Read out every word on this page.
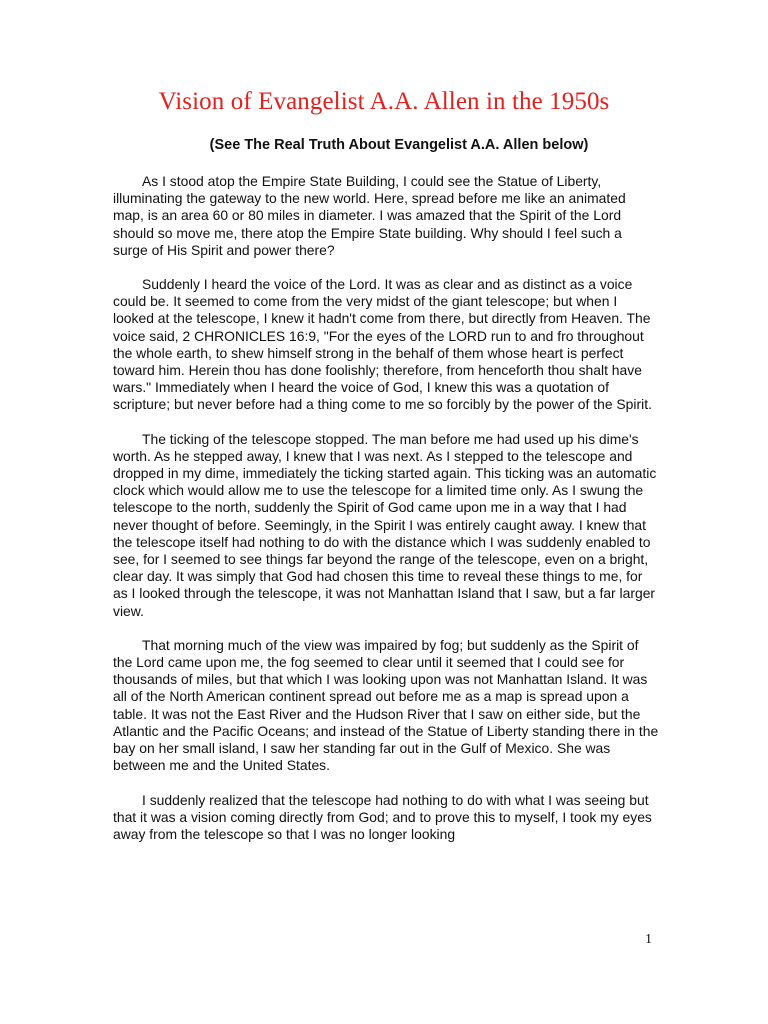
Vision of Evangelist A.A. Allen in the 1950s

(See The Real Truth About Evangelist A.A. Allen below)

As I stood atop the Empire State Building, I could see the Statue of Liberty, illuminating the gateway to the new world. Here, spread before me like an animated map, is an area 60 or 80 miles in diameter. I was amazed that the Spirit of the Lord should so move me, there atop the Empire State building. Why should I feel such a surge of His Spirit and power there?

Suddenly I heard the voice of the Lord. It was as clear and as distinct as a voice could be. It seemed to come from the very midst of the giant telescope; but when I looked at the telescope, I knew it hadn't come from there, but directly from Heaven. The voice said, 2 CHRONICLES 16:9, "For the eyes of the LORD run to and fro throughout the whole earth, to shew himself strong in the behalf of them whose heart is perfect toward him. Herein thou has done foolishly; therefore, from henceforth thou shalt have wars." Immediately when I heard the voice of God, I knew this was a quotation of scripture; but never before had a thing come to me so forcibly by the power of the Spirit.

The ticking of the telescope stopped. The man before me had used up his dime's worth. As he stepped away, I knew that I was next. As I stepped to the telescope and dropped in my dime, immediately the ticking started again. This ticking was an automatic clock which would allow me to use the telescope for a limited time only. As I swung the telescope to the north, suddenly the Spirit of God came upon me in a way that I had never thought of before. Seemingly, in the Spirit I was entirely caught away. I knew that the telescope itself had nothing to do with the distance which I was suddenly enabled to see, for I seemed to see things far beyond the range of the telescope, even on a bright, clear day. It was simply that God had chosen this time to reveal these things to me, for as I looked through the telescope, it was not Manhattan Island that I saw, but a far larger view.

That morning much of the view was impaired by fog; but suddenly as the Spirit of the Lord came upon me, the fog seemed to clear until it seemed that I could see for thousands of miles, but that which I was looking upon was not Manhattan Island. It was all of the North American continent spread out before me as a map is spread upon a table. It was not the East River and the Hudson River that I saw on either side, but the Atlantic and the Pacific Oceans; and instead of the Statue of Liberty standing there in the bay on her small island, I saw her standing far out in the Gulf of Mexico. She was between me and the United States.

I suddenly realized that the telescope had nothing to do with what I was seeing but that it was a vision coming directly from God; and to prove this to myself, I took my eyes away from the telescope so that I was no longer looking

1
